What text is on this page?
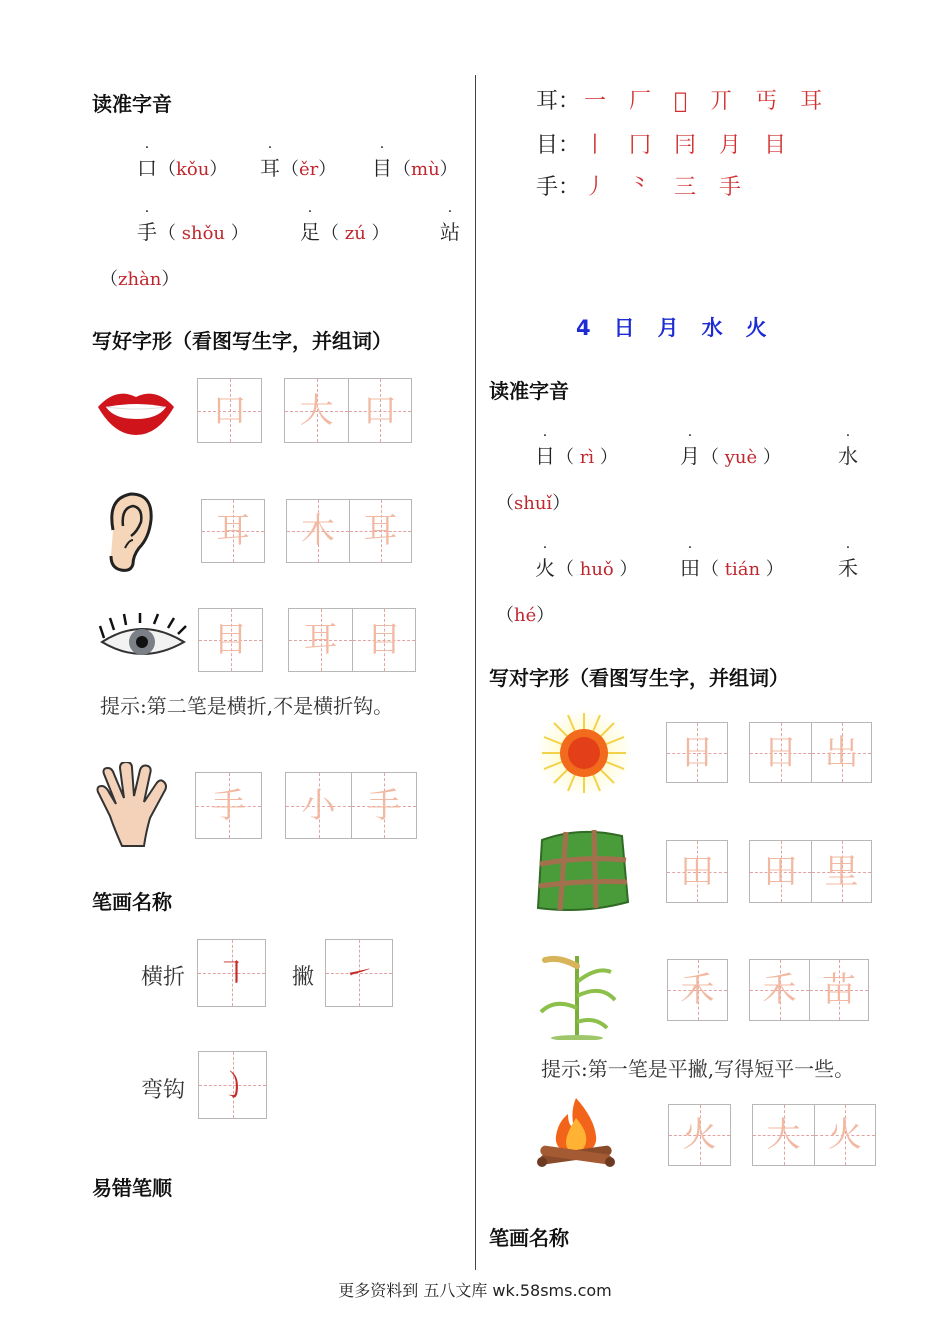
读准字音
·
口 （kǒu）
·
耳 （ěr）
·
目 （mù）
·
手 （ shǒu ）
·
足 （ zú ）
·
站
（zhàn）
写好字形（看图写生字，并组词）
口	大 口
耳	木 耳
目	耳 目
提示:第二笔是横折,不是横折钩。
手	小 手
笔画名称
横折 ㇕	撇 ㇀
弯钩 ㇁
易错笔顺
耳： 一 厂 𠀉 丌 丐 耳
目： 丨 冂 冃 月 目
手： 丿 ⺀ 三 手
4　日　月　水　火
读准字音
·
日 （ rì ）
·
月 （ yuè ）
·
水
（shuǐ）
·
火 （ huǒ ）
·
田 （ tián ）
·
禾
（hé）
写对字形（看图写生字，并组词）
日	日 出
田	田 里
禾	禾 苗
提示:第一笔是平撇,写得短平一些。
火	大 火
笔画名称
更多资料到 五八文库 wk.58sms.com
